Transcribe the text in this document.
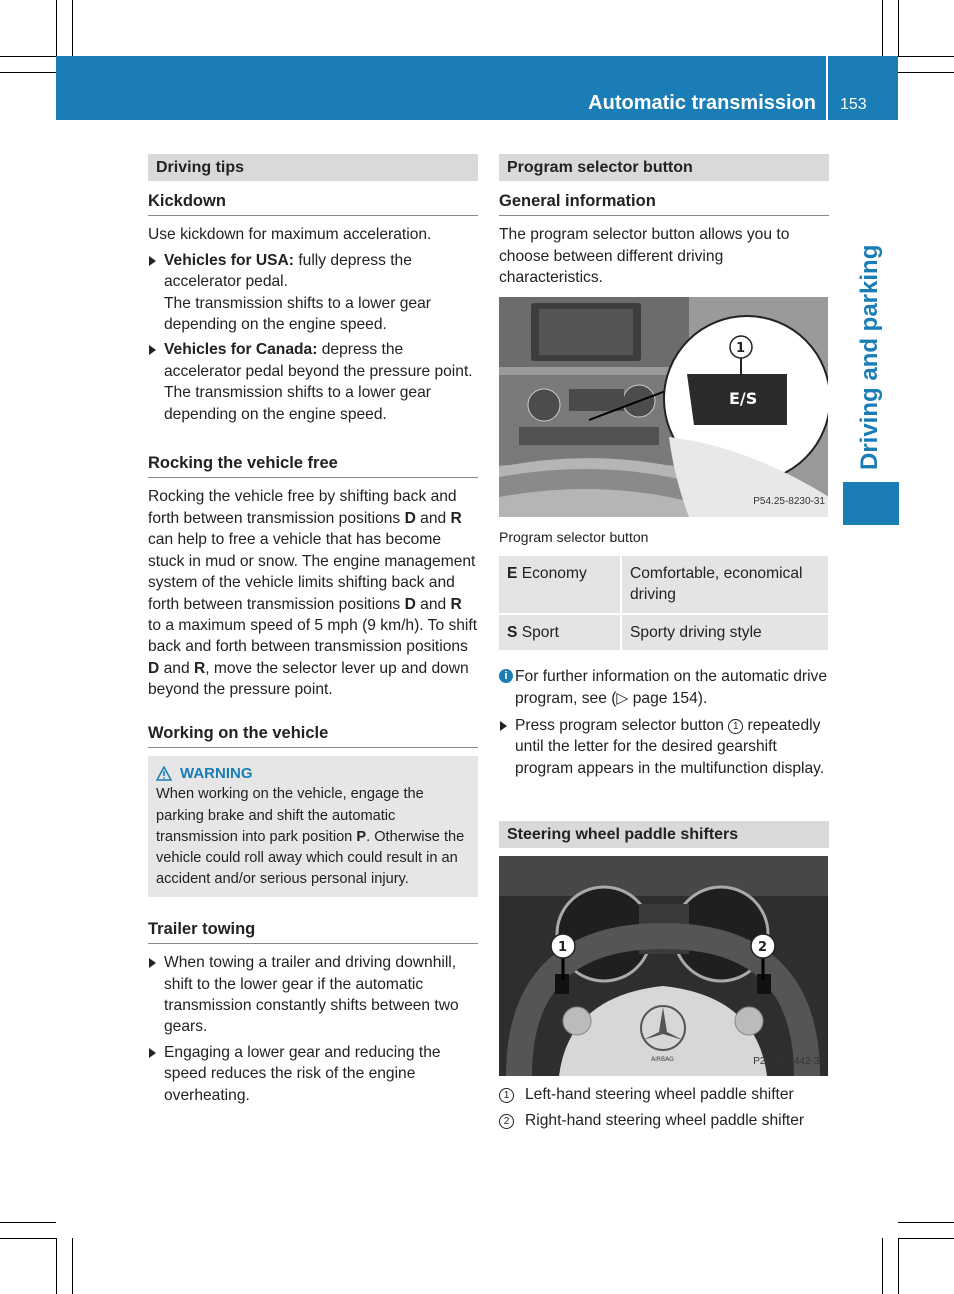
Automatic transmission 153
Driving and parking
Driving tips
Kickdown

Use kickdown for maximum acceleration.

Vehicles for USA: fully depress the accelerator pedal.
The transmission shifts to a lower gear depending on the engine speed.
Vehicles for Canada: depress the accelerator pedal beyond the pressure point.
The transmission shifts to a lower gear depending on the engine speed.
Rocking the vehicle free

Rocking the vehicle free by shifting back and forth between transmission positions D and R can help to free a vehicle that has become stuck in mud or snow. The engine management system of the vehicle limits shifting back and forth between transmission positions D and R to a maximum speed of 5 mph (9 km/h). To shift back and forth between transmission positions D and R, move the selector lever up and down beyond the pressure point.

Working on the vehicle
WARNING
When working on the vehicle, engage the parking brake and shift the automatic transmission into park position P. Otherwise the vehicle could roll away which could result in an accident and/or serious personal injury.
Trailer towing
When towing a trailer and driving downhill, shift to the lower gear if the automatic transmission constantly shifts between two gears.
Engaging a lower gear and reducing the speed reduces the risk of the engine overheating.
Program selector button
General information

The program selector button allows you to choose between different driving characteristics.

E/S
1
P54.25-8230-31
Program selector button
E Economy	Comfortable, economical driving
S Sport	Sporty driving style
i For further information on the automatic drive program, see (▷ page 154).
Press program selector button 1 repeatedly until the letter for the desired gearshift program appears in the multifunction display.
Steering wheel paddle shifters
AIRBAG
1	2
P27.60-3442-31
1	Left-hand steering wheel paddle shifter
2	Right-hand steering wheel paddle shifter
